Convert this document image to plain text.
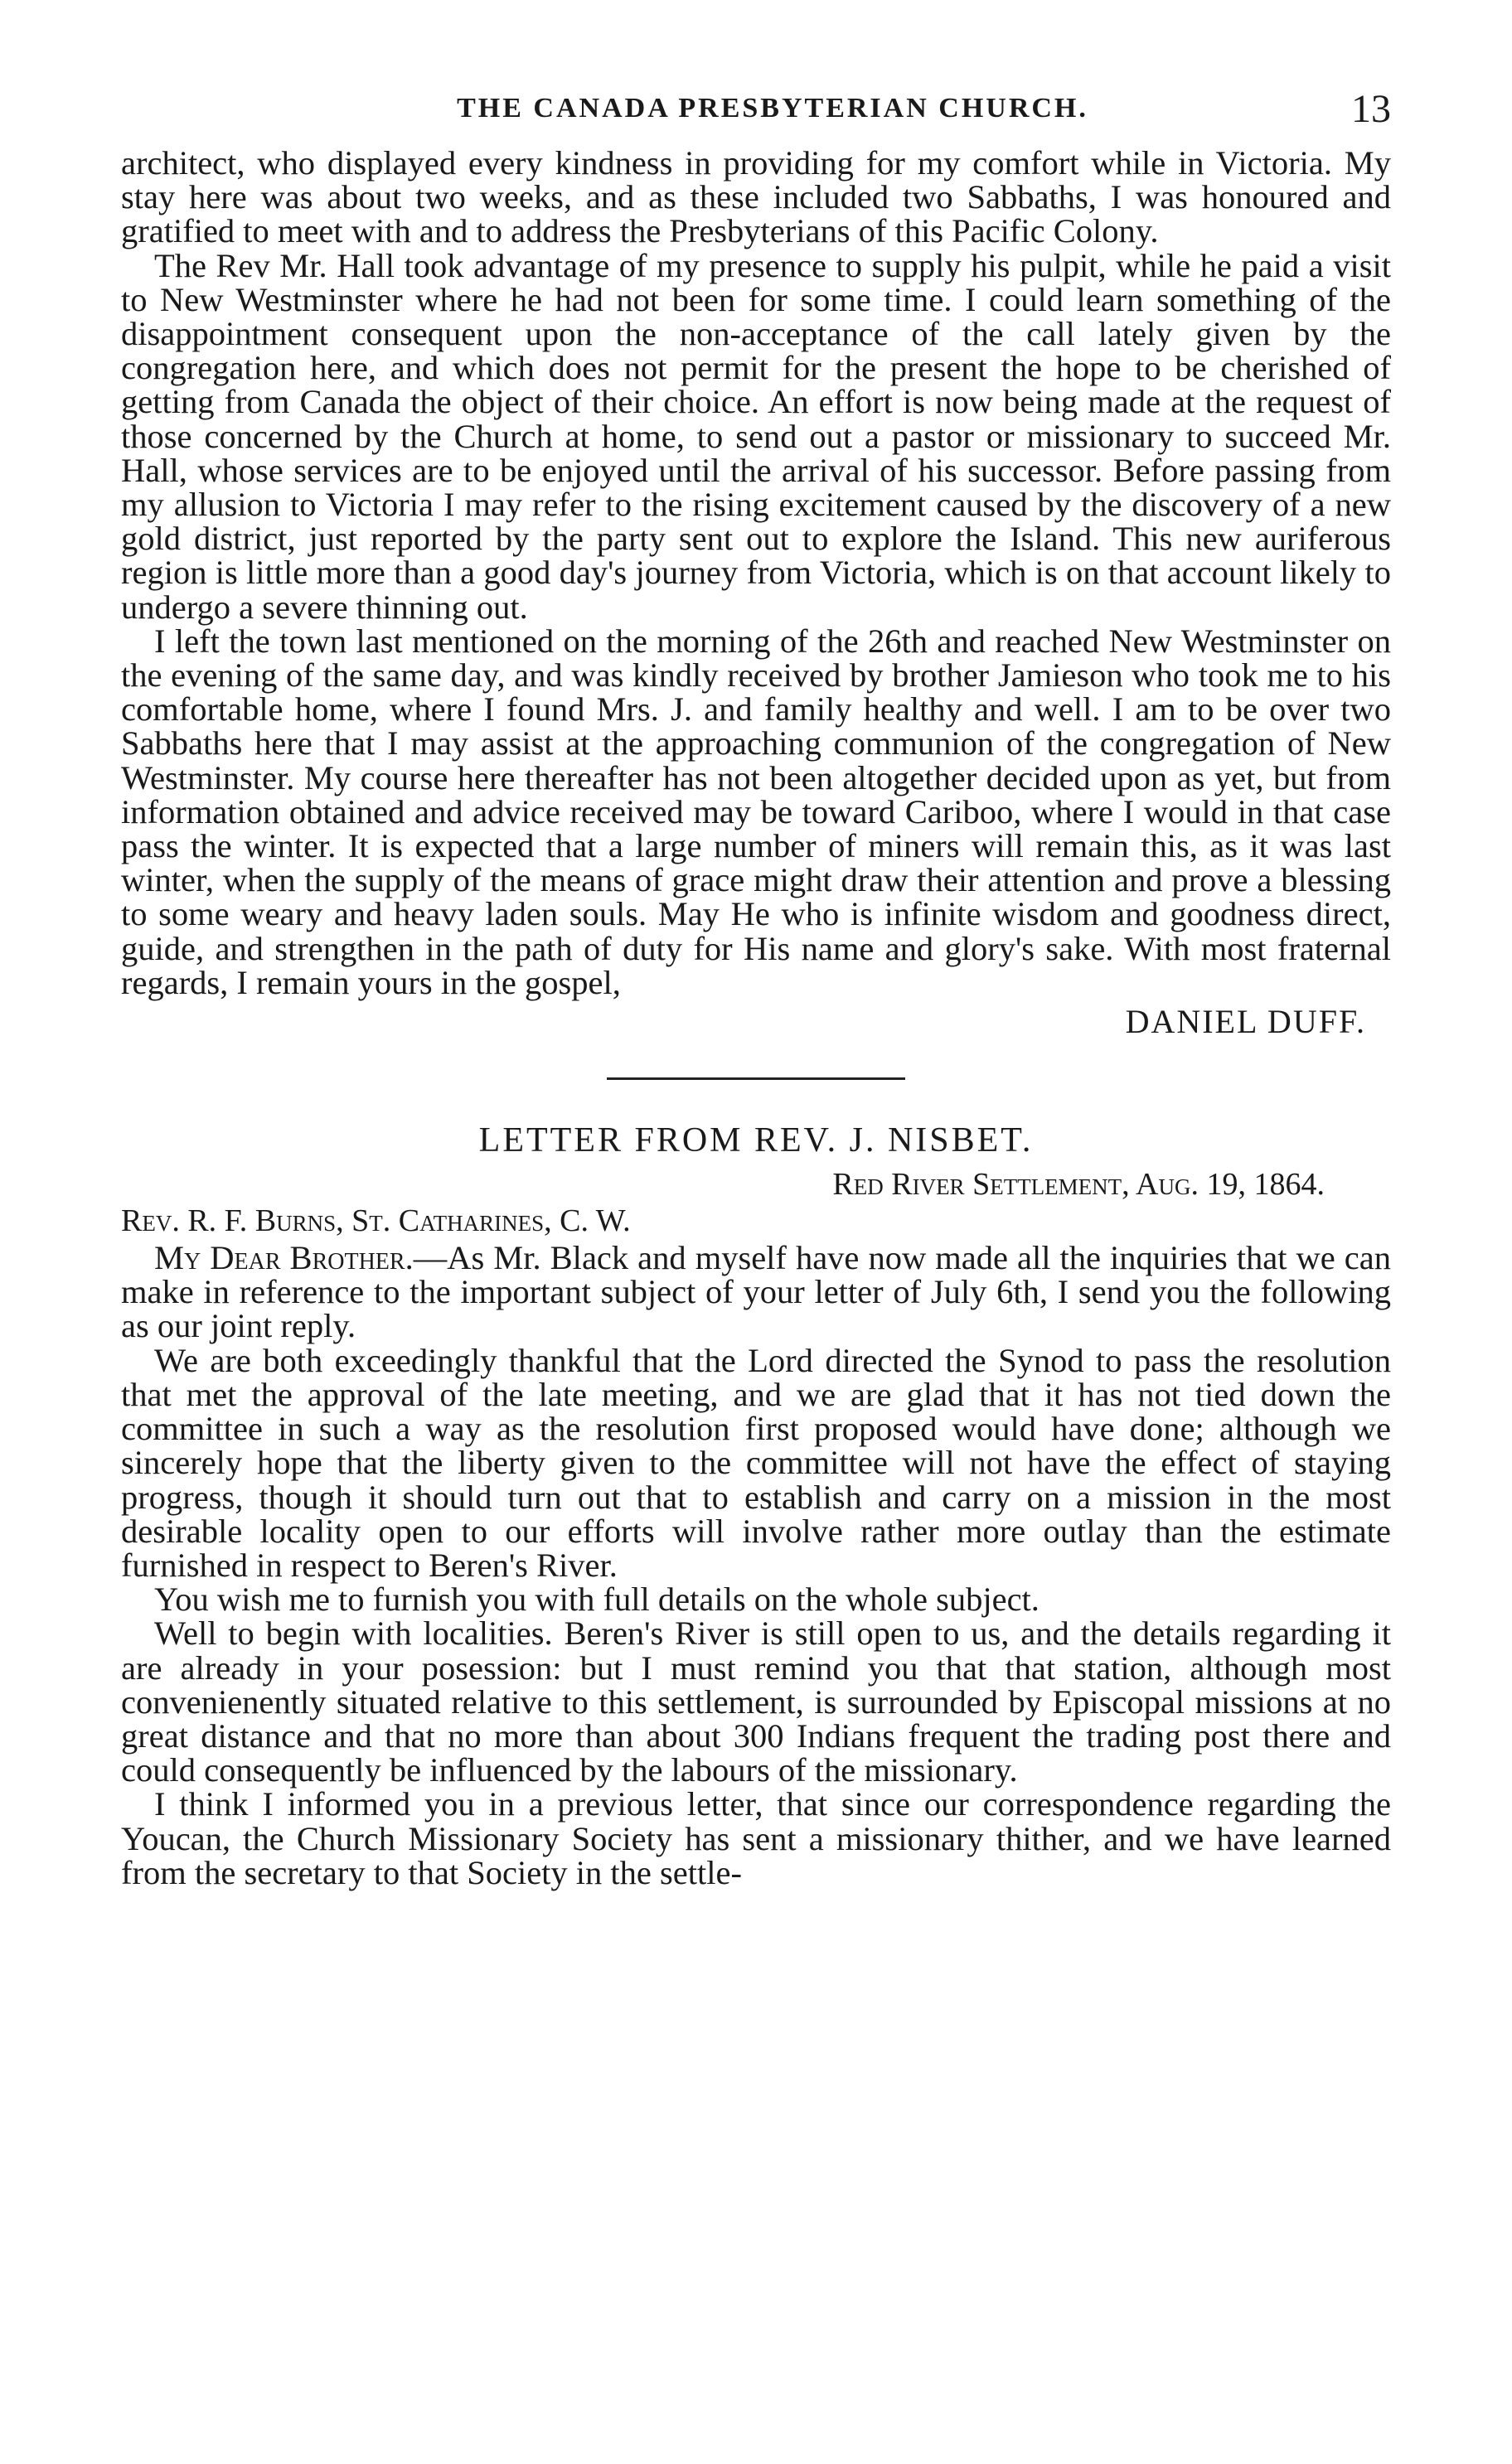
THE CANADA PRESBYTERIAN CHURCH.	13

architect, who displayed every kindness in providing for my comfort while in Victoria. My stay here was about two weeks, and as these included two Sabbaths, I was honoured and gratified to meet with and to address the Presbyterians of this Pacific Colony.

The Rev Mr. Hall took advantage of my presence to supply his pulpit, while he paid a visit to New Westminster where he had not been for some time. I could learn something of the disappointment consequent upon the non-acceptance of the call lately given by the congregation here, and which does not permit for the present the hope to be cherished of getting from Canada the object of their choice. An effort is now being made at the request of those concerned by the Church at home, to send out a pastor or missionary to succeed Mr. Hall, whose services are to be enjoyed until the arrival of his successor. Before passing from my allusion to Victoria I may refer to the rising excitement caused by the discovery of a new gold district, just reported by the party sent out to explore the Island. This new auriferous region is little more than a good day's journey from Victoria, which is on that account likely to undergo a severe thinning out.

I left the town last mentioned on the morning of the 26th and reached New Westminster on the evening of the same day, and was kindly received by brother Jamieson who took me to his comfortable home, where I found Mrs. J. and family healthy and well. I am to be over two Sabbaths here that I may assist at the approaching communion of the congregation of New Westminster. My course here thereafter has not been altogether decided upon as yet, but from information obtained and advice received may be toward Cariboo, where I would in that case pass the winter. It is expected that a large number of miners will remain this, as it was last winter, when the supply of the means of grace might draw their attention and prove a blessing to some weary and heavy laden souls. May He who is infinite wisdom and goodness direct, guide, and strengthen in the path of duty for His name and glory's sake. With most fraternal regards, I remain yours in the gospel,

DANIEL DUFF.
LETTER FROM REV. J. NISBET.
Red River Settlement, Aug. 19, 1864.
Rev. R. F. Burns, St. Catharines, C. W.

My Dear Brother.—As Mr. Black and myself have now made all the inquiries that we can make in reference to the important subject of your letter of July 6th, I send you the following as our joint reply.

We are both exceedingly thankful that the Lord directed the Synod to pass the resolution that met the approval of the late meeting, and we are glad that it has not tied down the committee in such a way as the resolution first proposed would have done; although we sincerely hope that the liberty given to the committee will not have the effect of staying progress, though it should turn out that to establish and carry on a mission in the most desirable locality open to our efforts will involve rather more outlay than the estimate furnished in respect to Beren's River.

You wish me to furnish you with full details on the whole subject.

Well to begin with localities. Beren's River is still open to us, and the details regarding it are already in your posession: but I must remind you that that station, although most convenienently situated relative to this settlement, is surrounded by Episcopal missions at no great distance and that no more than about 300 Indians frequent the trading post there and could consequently be influenced by the labours of the missionary.

I think I informed you in a previous letter, that since our correspondence regarding the Youcan, the Church Missionary Society has sent a missionary thither, and we have learned from the secretary to that Society in the settle-
